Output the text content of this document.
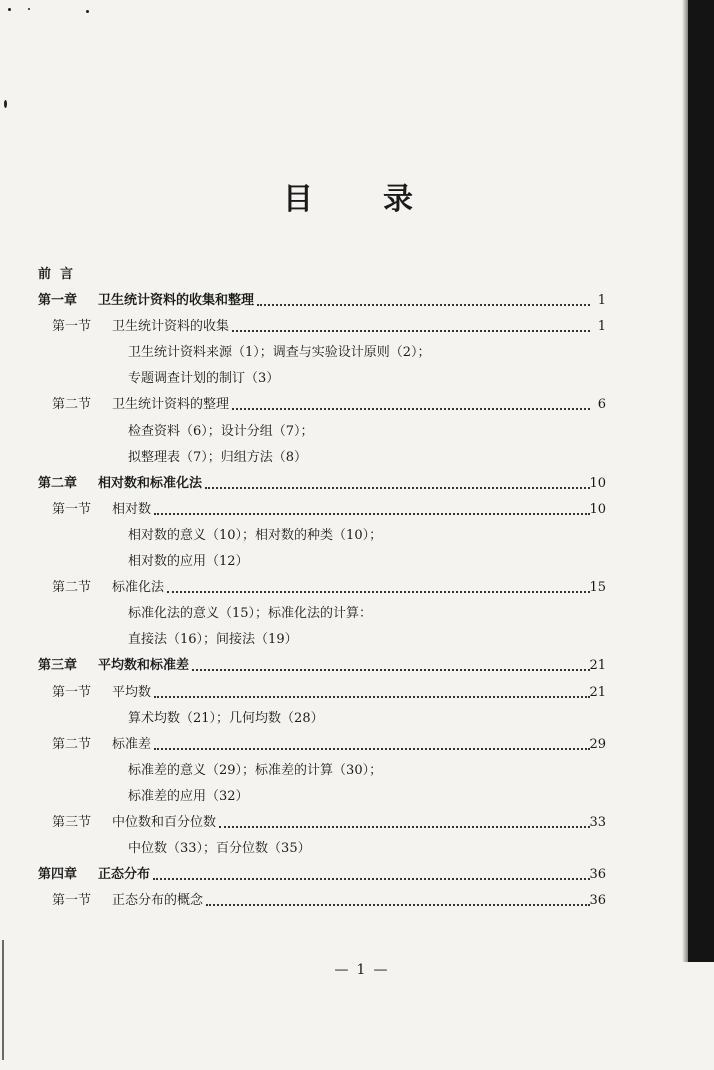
目 录
前言
第一章 卫生统计资料的收集和整理	1
第一节 卫生统计资料的收集	1
卫生统计资料来源（1）；调查与实验设计原则（2）；
专题调查计划的制订（3）
第二节 卫生统计资料的整理	6
检查资料（6）；设计分组（7）；
拟整理表（7）；归组方法（8）
第二章 相对数和标准化法	10
第一节 相对数	10
相对数的意义（10）；相对数的种类（10）；
相对数的应用（12）
第二节 标准化法	15
标准化法的意义（15）；标准化法的计算：
直接法（16）；间接法（19）
第三章 平均数和标准差	21
第一节 平均数	21
算术均数（21）；几何均数（28）
第二节 标准差	29
标准差的意义（29）；标准差的计算（30）；
标准差的应用（32）
第三节 中位数和百分位数	33
中位数（33）；百分位数（35）
第四章 正态分布	36
第一节 正态分布的概念	36
— 1 —
